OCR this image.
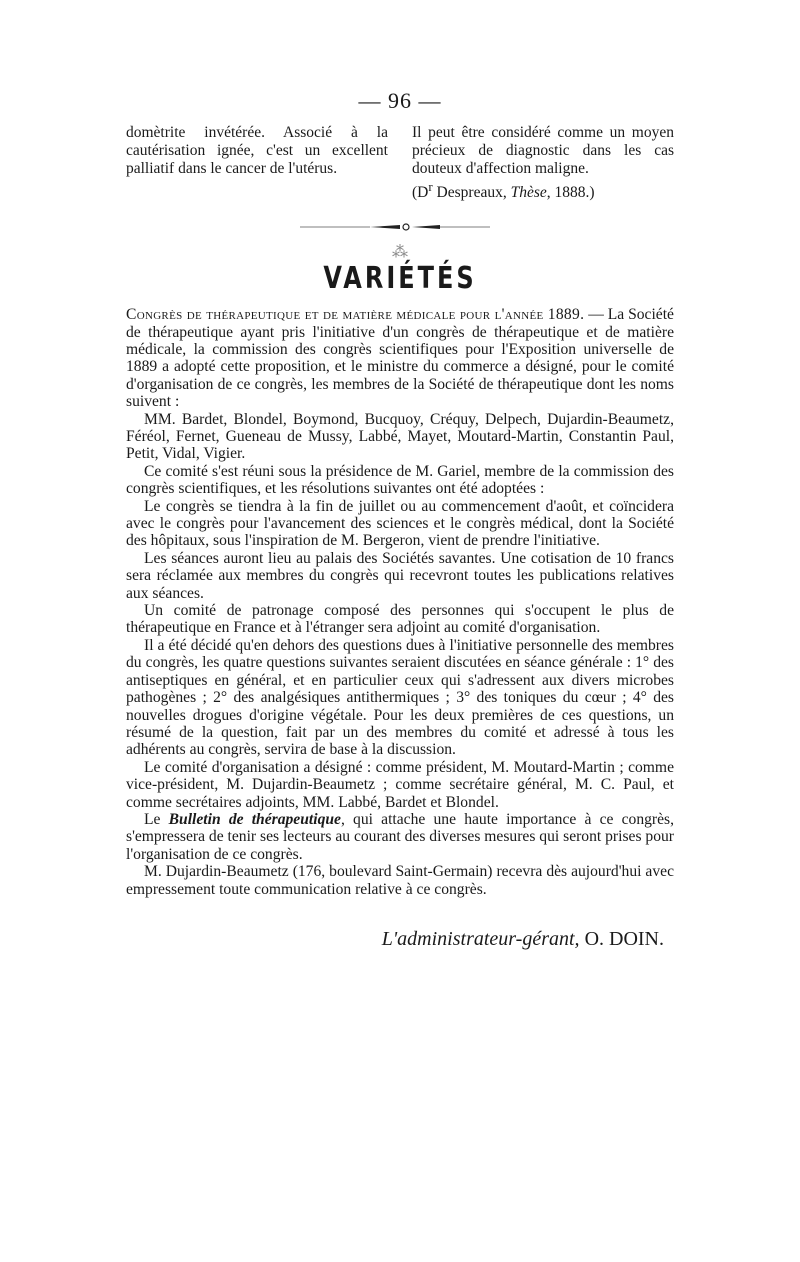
— 96 —

domètrite invétérée. Associé à la cautérisation ignée, c'est un excellent palliatif dans le cancer de l'utérus.

Il peut être considéré comme un moyen précieux de diagnostic dans les cas douteux d'affection maligne.
($D^r$ Despreaux, Thèse, 1888.)

⁂
VARIÉTÉS

Congrès de thérapeutique et de matière médicale pour l'année 1889. — La Société de thérapeutique ayant pris l'initiative d'un congrès de thérapeutique et de matière médicale, la commission des congrès scientifiques pour l'Exposition universelle de 1889 a adopté cette proposition, et le ministre du commerce a désigné, pour le comité d'organisation de ce congrès, les membres de la Société de thérapeutique dont les noms suivent :

MM. Bardet, Blondel, Boymond, Bucquoy, Créquy, Delpech, Dujardin-Beaumetz, Féréol, Fernet, Gueneau de Mussy, Labbé, Mayet, Moutard-Martin, Constantin Paul, Petit, Vidal, Vigier.

Ce comité s'est réuni sous la présidence de M. Gariel, membre de la commission des congrès scientifiques, et les résolutions suivantes ont été adoptées :

Le congrès se tiendra à la fin de juillet ou au commencement d'août, et coïncidera avec le congrès pour l'avancement des sciences et le congrès médical, dont la Société des hôpitaux, sous l'inspiration de M. Bergeron, vient de prendre l'initiative.

Les séances auront lieu au palais des Sociétés savantes. Une cotisation de 10 francs sera réclamée aux membres du congrès qui recevront toutes les publications relatives aux séances.

Un comité de patronage composé des personnes qui s'occupent le plus de thérapeutique en France et à l'étranger sera adjoint au comité d'organisation.

Il a été décidé qu'en dehors des questions dues à l'initiative personnelle des membres du congrès, les quatre questions suivantes seraient discutées en séance générale : 1° des antiseptiques en général, et en particulier ceux qui s'adressent aux divers microbes pathogènes ; 2° des analgésiques antithermiques ; 3° des toniques du cœur ; 4° des nouvelles drogues d'origine végétale. Pour les deux premières de ces questions, un résumé de la question, fait par un des membres du comité et adressé à tous les adhérents au congrès, servira de base à la discussion.

Le comité d'organisation a désigné : comme président, M. Moutard-Martin ; comme vice-président, M. Dujardin-Beaumetz ; comme secrétaire général, M. C. Paul, et comme secrétaires adjoints, MM. Labbé, Bardet et Blondel.

Le Bulletin de thérapeutique, qui attache une haute importance à ce congrès, s'empressera de tenir ses lecteurs au courant des diverses mesures qui seront prises pour l'organisation de ce congrès.

M. Dujardin-Beaumetz (176, boulevard Saint-Germain) recevra dès aujourd'hui avec empressement toute communication relative à ce congrès.

L'administrateur-gérant, O. DOIN.
